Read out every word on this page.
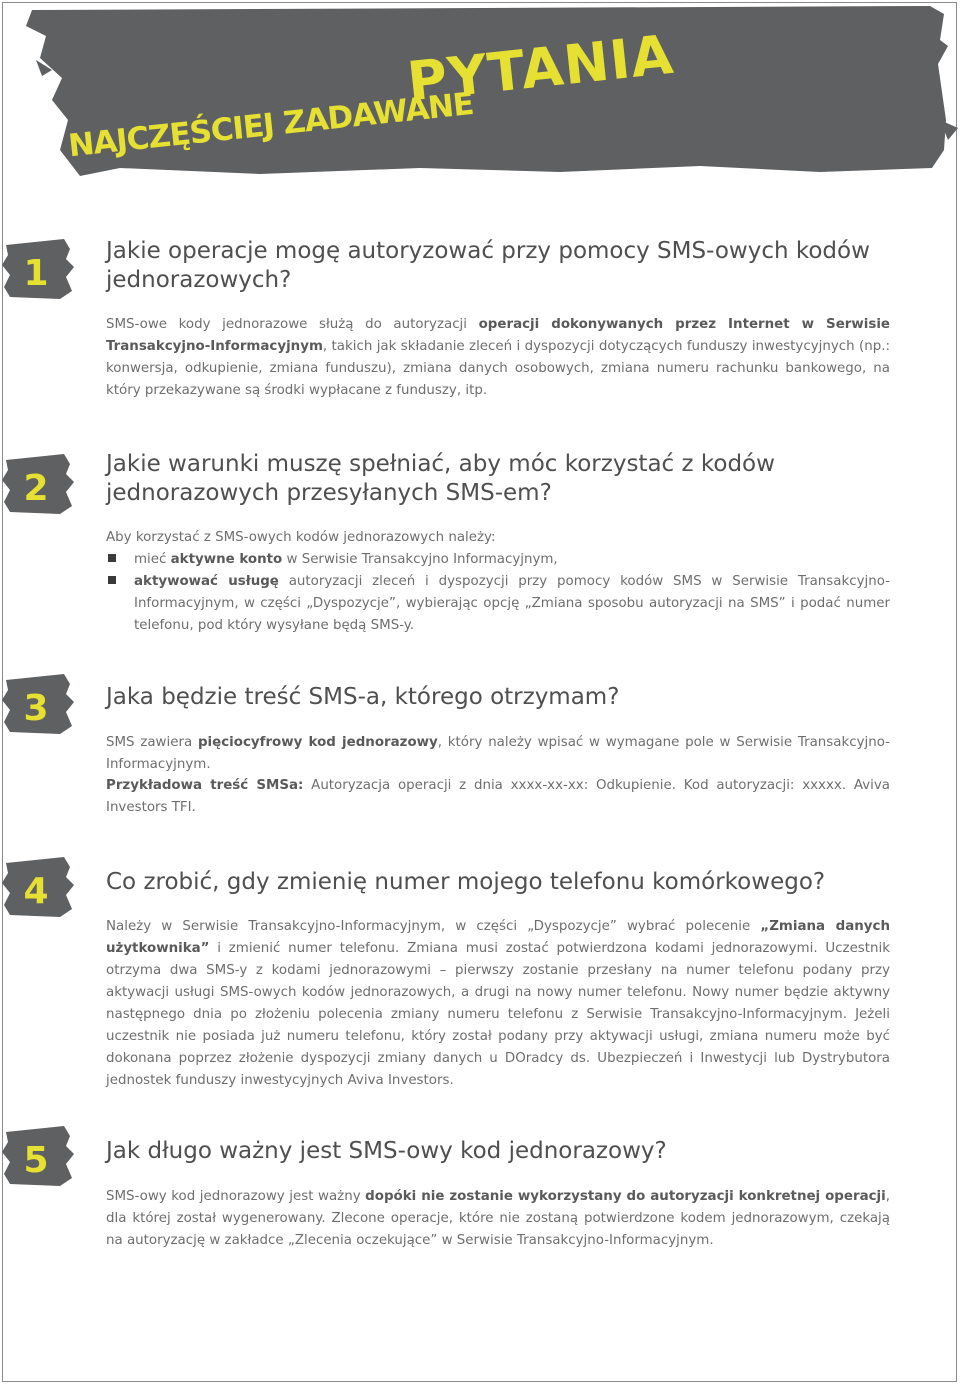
NAJCZĘŚCIEJ ZADAWANE
PYTANIA
1
2
3
4
5
Jakie operacje mogę autoryzować przy pomocy SMS-owych kodów jednorazowych?

SMS-owe kody jednorazowe służą do autoryzacji operacji dokonywanych przez Internet w Serwisie Transakcyjno-Informacyjnym, takich jak składanie zleceń i dyspozycji dotyczących funduszy inwestycyjnych (np.: konwersja, odkupienie, zmiana funduszu), zmiana danych osobowych, zmiana numeru rachunku bankowego, na który przekazywane są środki wypłacane z funduszy, itp.

Jakie warunki muszę spełniać, aby móc korzystać z kodów jednorazowych przesyłanych SMS-em?

Aby korzystać z SMS-owych kodów jednorazowych należy:

mieć aktywne konto w Serwisie Transakcyjno Informacyjnym,

aktywować usługę autoryzacji zleceń i dyspozycji przy pomocy kodów SMS w Serwisie Transakcyjno-Informacyjnym, w części „Dyspozycje”, wybierając opcję „Zmiana sposobu autoryzacji na SMS” i podać numer telefonu, pod który wysyłane będą SMS-y.

Jaka będzie treść SMS-a, którego otrzymam?

SMS zawiera pięciocyfrowy kod jednorazowy, który należy wpisać w wymagane pole w Serwisie Transakcyjno-Informacyjnym.

Przykładowa treść SMSa: Autoryzacja operacji z dnia xxxx-xx-xx: Odkupienie. Kod autoryzacji: xxxxx. Aviva Investors TFI.

Co zrobić, gdy zmienię numer mojego telefonu komórkowego?

Należy w Serwisie Transakcyjno-Informacyjnym, w części „Dyspozycje” wybrać polecenie „Zmiana danych użytkownika” i zmienić numer telefonu. Zmiana musi zostać potwierdzona kodami jednorazowymi. Uczestnik otrzyma dwa SMS-y z kodami jednorazowymi – pierwszy zostanie przesłany na numer telefonu podany przy aktywacji usługi SMS-owych kodów jednorazowych, a drugi na nowy numer telefonu. Nowy numer będzie aktywny następnego dnia po złożeniu polecenia zmiany numeru telefonu z Serwisie Transakcyjno-Informacyjnym. Jeżeli uczestnik nie posiada już numeru telefonu, który został podany przy aktywacji usługi, zmiana numeru może być dokonana poprzez złożenie dyspozycji zmiany danych u DOradcy ds. Ubezpieczeń i Inwestycji lub Dystrybutora jednostek funduszy inwestycyjnych Aviva Investors.

Jak długo ważny jest SMS-owy kod jednorazowy?

SMS-owy kod jednorazowy jest ważny dopóki nie zostanie wykorzystany do autoryzacji konkretnej operacji, dla której został wygenerowany. Zlecone operacje, które nie zostaną potwierdzone kodem jednorazowym, czekają na autoryzację w zakładce „Zlecenia oczekujące” w Serwisie Transakcyjno-Informacyjnym.
